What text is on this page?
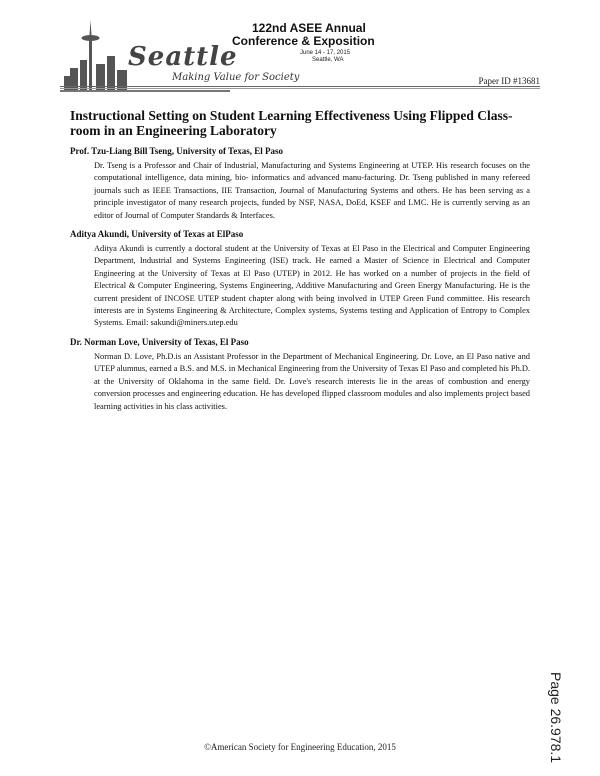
Seattle
Making Value for Society
122nd ASEE Annual
Conference & Exposition
June 14 - 17, 2015
Seattle, WA
Paper ID #13681
Instructional Setting on Student Learning Effectiveness Using Flipped Class-room in an Engineering Laboratory
Prof. Tzu-Liang Bill Tseng, University of Texas, El Paso

Dr. Tseng is a Professor and Chair of Industrial, Manufacturing and Systems Engineering at UTEP. His research focuses on the computational intelligence, data mining, bio- informatics and advanced manu-facturing. Dr. Tseng published in many refereed journals such as IEEE Transactions, IIE Transaction, Journal of Manufacturing Systems and others. He has been serving as a principle investigator of many research projects, funded by NSF, NASA, DoEd, KSEF and LMC. He is currently serving as an editor of Journal of Computer Standards & Interfaces.

Aditya Akundi, University of Texas at ElPaso

Aditya Akundi is currently a doctoral student at the University of Texas at El Paso in the Electrical and Computer Engineering Department, Industrial and Systems Engineering (ISE) track. He earned a Master of Science in Electrical and Computer Engineering at the University of Texas at El Paso (UTEP) in 2012. He has worked on a number of projects in the field of Electrical & Computer Engineering, Systems Engineering, Additive Manufacturing and Green Energy Manufacturing. He is the current president of INCOSE UTEP student chapter along with being involved in UTEP Green Fund committee. His research interests are in Systems Engineering & Architecture, Complex systems, Systems testing and Application of Entropy to Complex Systems. Email: sakundi@miners.utep.edu

Dr. Norman Love, University of Texas, El Paso

Norman D. Love, Ph.D.is an Assistant Professor in the Department of Mechanical Engineering. Dr. Love, an El Paso native and UTEP alumnus, earned a B.S. and M.S. in Mechanical Engineering from the University of Texas El Paso and completed his Ph.D. at the University of Oklahoma in the same field. Dr. Love's research interests lie in the areas of combustion and energy conversion processes and engineering education. He has developed flipped classroom modules and also implements project based learning activities in his class activities.

Page 26.978.1
©American Society for Engineering Education, 2015
